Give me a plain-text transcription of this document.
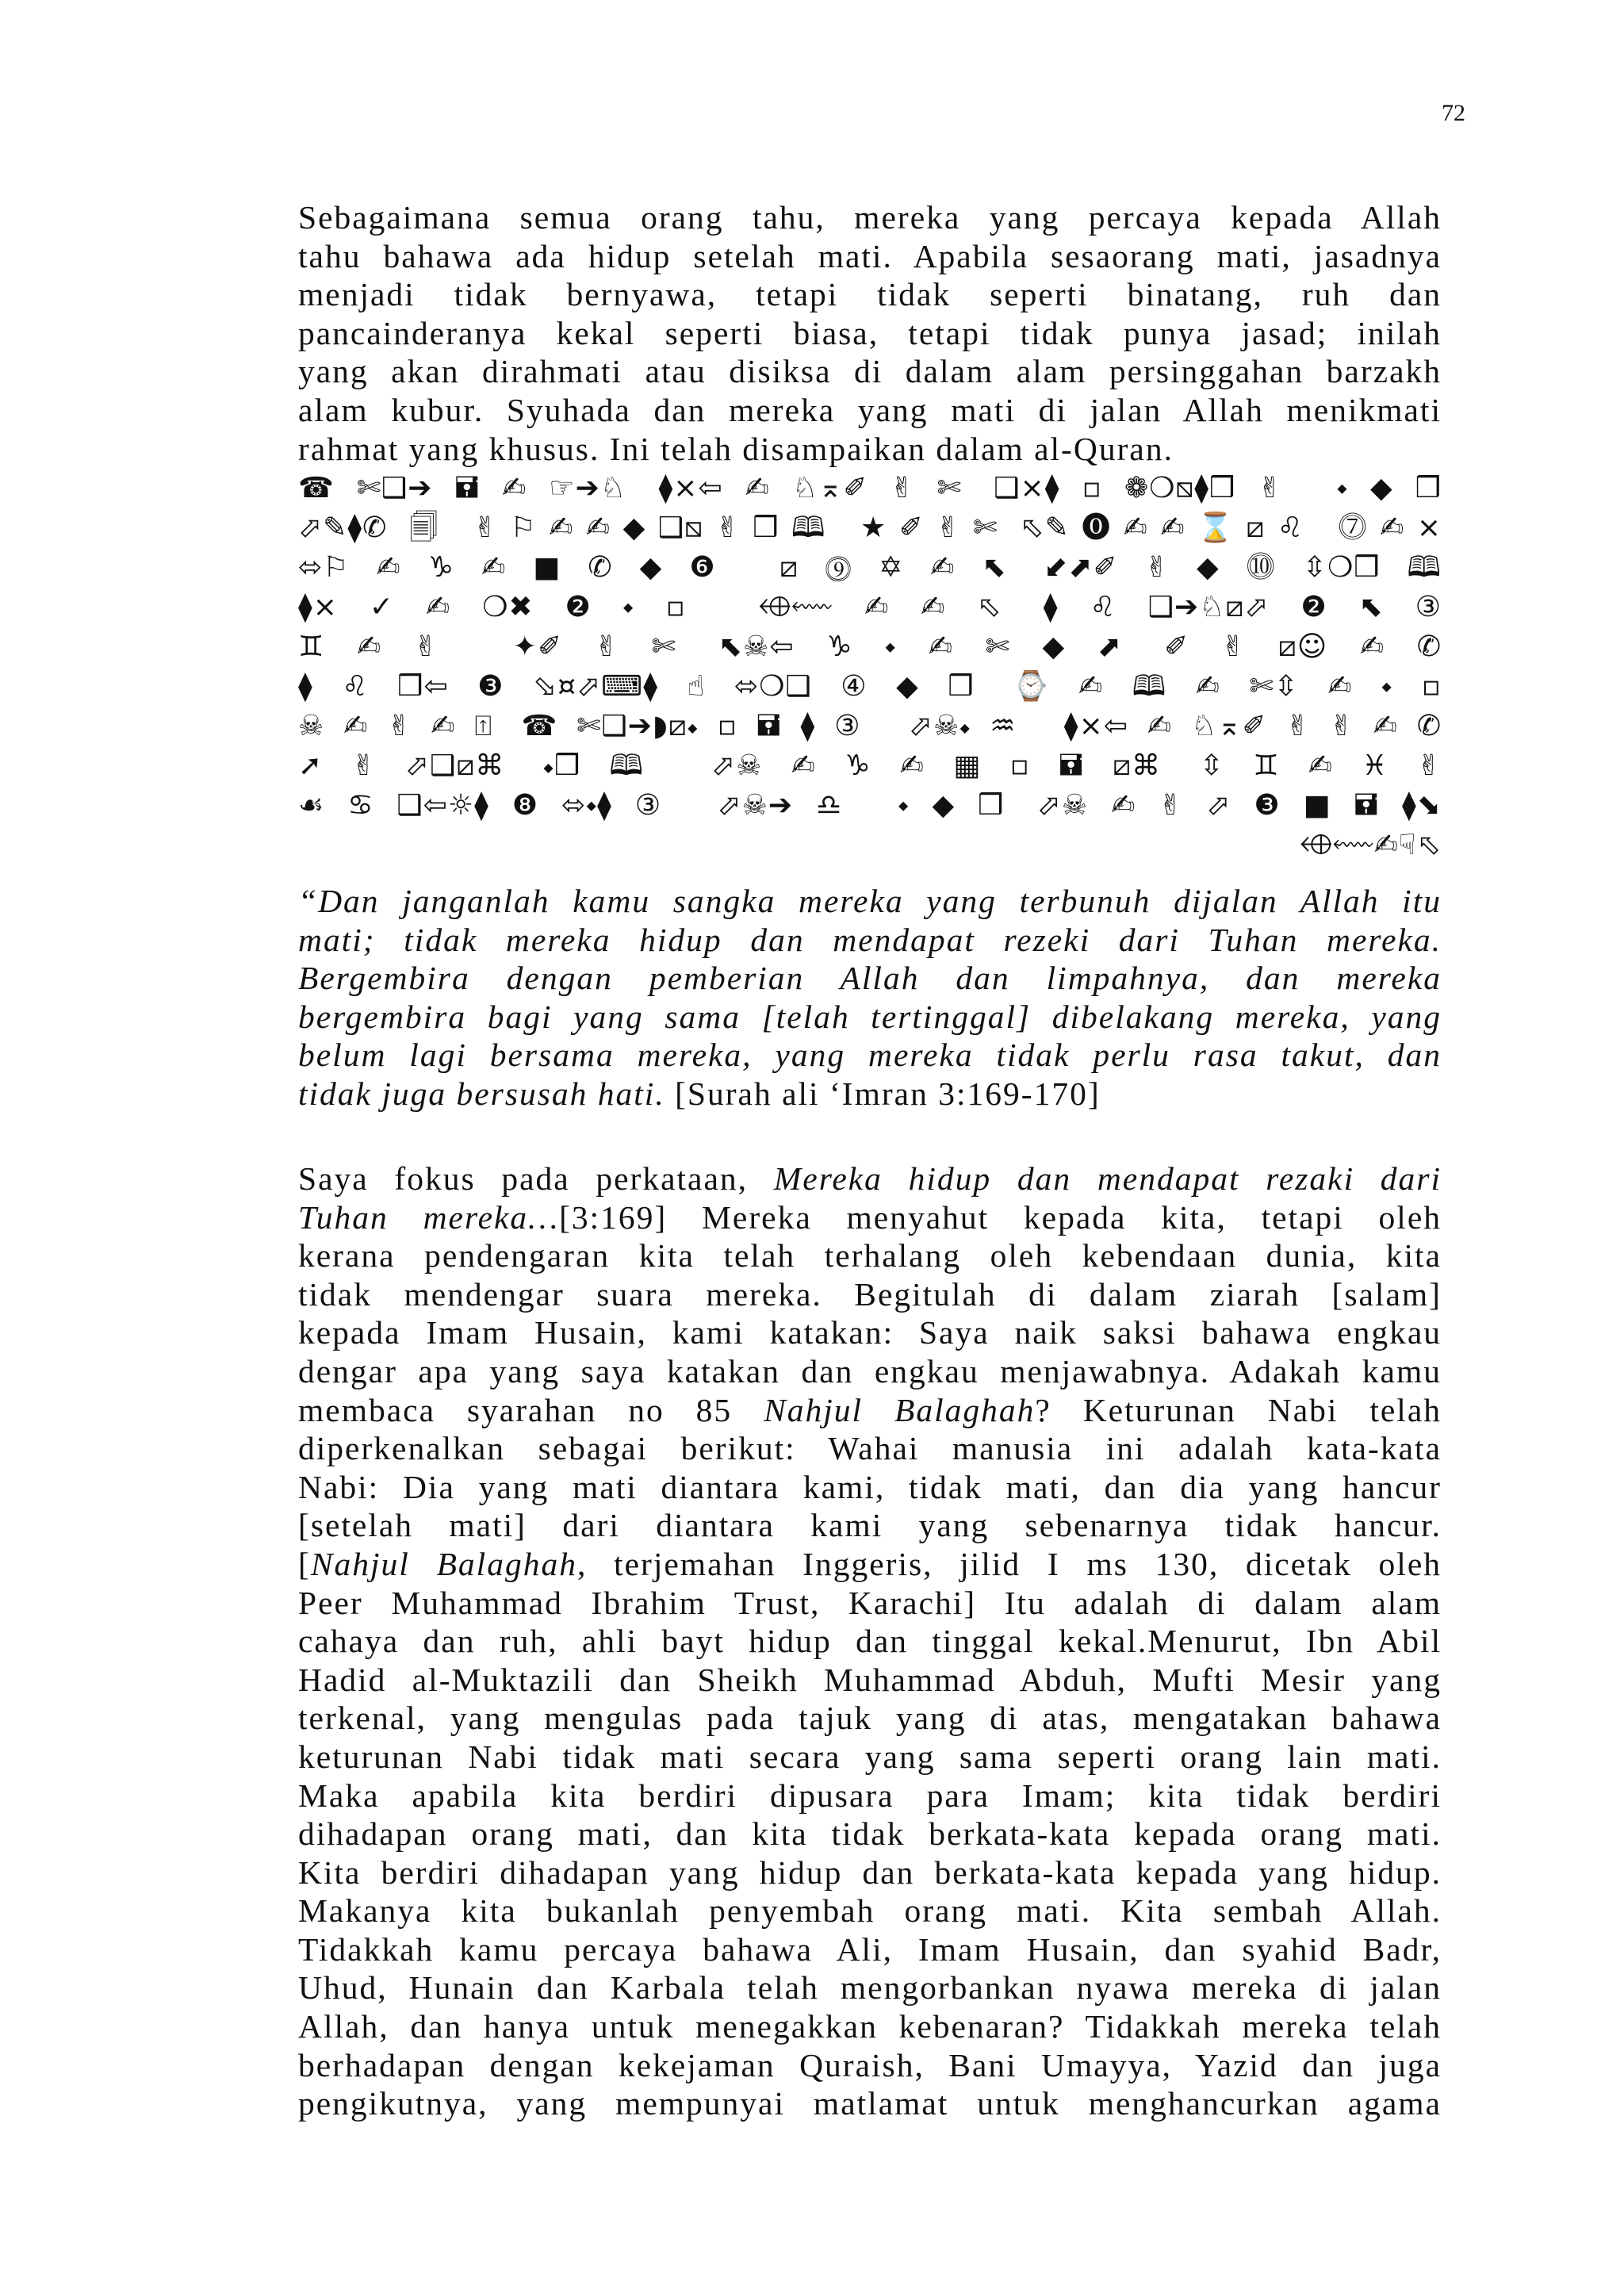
72
Sebagaimana semua orang tahu, mereka yang percaya kepada Allah
tahu bahawa ada hidup setelah mati. Apabila sesaorang mati, jasadnya
menjadi tidak bernyawa, tetapi tidak seperti binatang, ruh dan
pancainderanya kekal seperti biasa, tetapi tidak punya jasad; inilah
yang akan dirahmati atau disiksa di dalam alam persinggahan barzakh
alam kubur. Syuhada dan mereka yang mati di jalan Allah menikmati
rahmat yang khusus. Ini telah disampaikan dalam al-Quran.
☎✄❑➔🖬✍☞➔♘ ⧫×⇦✍♘⌅✐✌✄ ❑×⧫▫❁❍⧅⧫❒✌ ⬩◆❒
⬀✎⧫✆ 🗐 ✌⚐✍✍◆❑⧅✌❒🕮 ★✐✌✄ ⬁✎⓿✍✍⌛⧄♌ ⓻✍×
⬄⚐✍♑✍■✆◆❻ ⧄⓽✡✍⬉ ⬋⬈✐✌◆⓾⇳❍❒🕮
⧫×✓✍❍✖❷⬩▫ ⬲⬳✍✍⬁ ⧫♌❑➔♘⧄⬀❷⬉③
♊✍✌ ✦✐✌✄ ⬉☠⇦♑⬩✍✄◆⬈ ✐✌⧄☺✍✆
⧫♌❒⇦❸⬂¤⬀⌨⧫☝⬄❍❑④◆❒ ⌚✍🕮✍✄⇳✍⬩▫
☠✍✌✍⍐ ☎✄❑➔◗⧄⬩▫🖬⧫③ ⬀☠⬩♒ ⧫×⇦✍♘⌅✐✌✌✍✆
➚✌⬀❑⧄⌘ ⬩❒🕮 ⬀☠✍♑✍▦▫🖬⧄⌘ ⇳♊✍♓✌
☙♋❑⇦☼⧫❽⬄⬩⧫③ ⬀☠➔♎ ⬩◆❒ ⬀☠✍✌⬀❸■🖬⧫⬊
⬲⬳✍☟⬁
“Dan janganlah kamu sangka mereka yang terbunuh dijalan Allah itu
mati; tidak mereka hidup dan mendapat rezeki dari Tuhan mereka.
Bergembira dengan pemberian Allah dan limpahnya, dan mereka
bergembira bagi yang sama [telah tertinggal] dibelakang mereka, yang
belum lagi bersama mereka, yang mereka tidak perlu rasa takut, dan
tidak juga bersusah hati. [Surah ali ‘Imran 3:169-170]
Saya fokus pada perkataan, Mereka hidup dan mendapat rezaki dari
Tuhan mereka…[3:169] Mereka menyahut kepada kita, tetapi oleh
kerana pendengaran kita telah terhalang oleh kebendaan dunia, kita
tidak mendengar suara mereka. Begitulah di dalam ziarah [salam]
kepada Imam Husain, kami katakan: Saya naik saksi bahawa engkau
dengar apa yang saya katakan dan engkau menjawabnya. Adakah kamu
membaca syarahan no 85 Nahjul Balaghah? Keturunan Nabi telah
diperkenalkan sebagai berikut: Wahai manusia ini adalah kata-kata
Nabi: Dia yang mati diantara kami, tidak mati, dan dia yang hancur
[setelah mati] dari diantara kami yang sebenarnya tidak hancur.
[Nahjul Balaghah, terjemahan Inggeris, jilid I ms 130, dicetak oleh
Peer Muhammad Ibrahim Trust, Karachi] Itu adalah di dalam alam
cahaya dan ruh, ahli bayt hidup dan tinggal kekal.Menurut, Ibn Abil
Hadid al-Muktazili dan Sheikh Muhammad Abduh, Mufti Mesir yang
terkenal, yang mengulas pada tajuk yang di atas, mengatakan bahawa
keturunan Nabi tidak mati secara yang sama seperti orang lain mati.
Maka apabila kita berdiri dipusara para Imam; kita tidak berdiri
dihadapan orang mati, dan kita tidak berkata-kata kepada orang mati.
Kita berdiri dihadapan yang hidup dan berkata-kata kepada yang hidup.
Makanya kita bukanlah penyembah orang mati. Kita sembah Allah.
Tidakkah kamu percaya bahawa Ali, Imam Husain, dan syahid Badr,
Uhud, Hunain dan Karbala telah mengorbankan nyawa mereka di jalan
Allah, dan hanya untuk menegakkan kebenaran? Tidakkah mereka telah
berhadapan dengan kekejaman Quraish, Bani Umayya, Yazid dan juga
pengikutnya, yang mempunyai matlamat untuk menghancurkan agama
